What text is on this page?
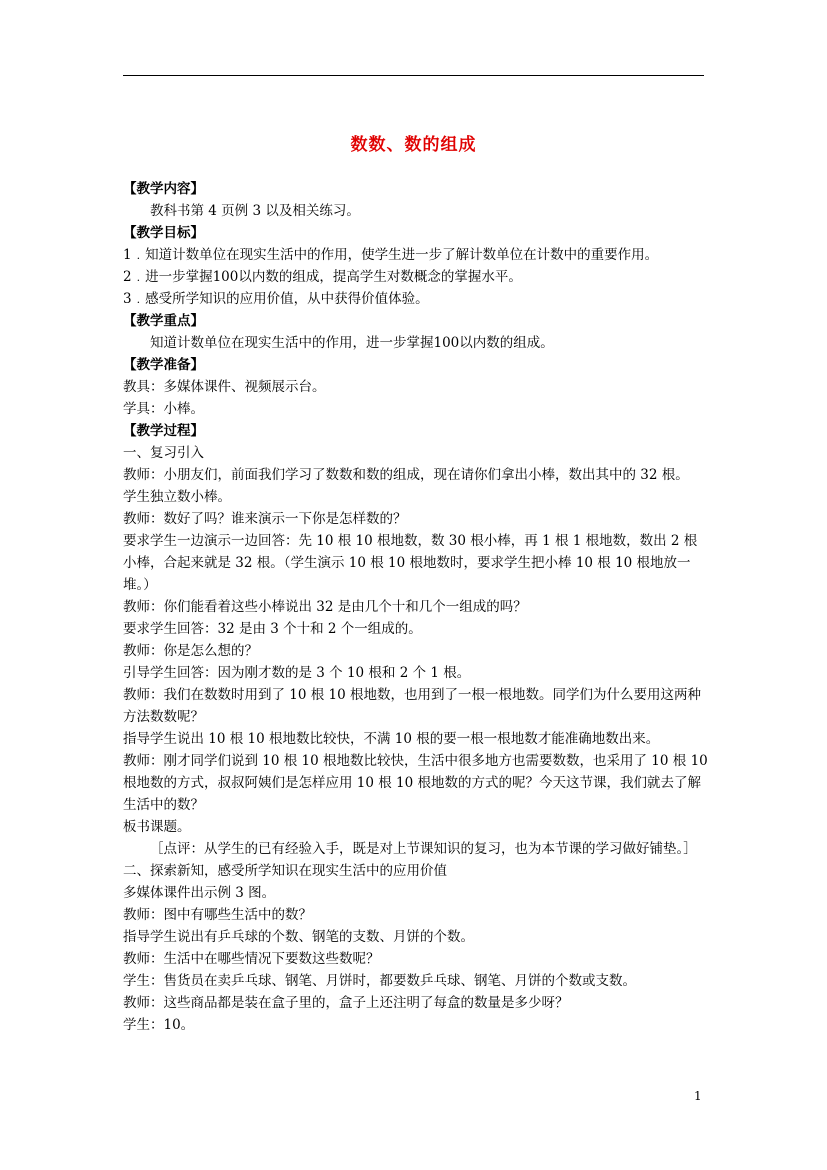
数数、数的组成
【教学内容】
教科书第 4 页例 3 以及相关练习。
【教学目标】
1﹒知道计数单位在现实生活中的作用，使学生进一步了解计数单位在计数中的重要作用。
2﹒进一步掌握100以内数的组成，提高学生对数概念的掌握水平。
3﹒感受所学知识的应用价值，从中获得价值体验。
【教学重点】
知道计数单位在现实生活中的作用，进一步掌握100以内数的组成。
【教学准备】
教具：多媒体课件、视频展示台。
学具：小棒。
【教学过程】
一、复习引入
教师：小朋友们，前面我们学习了数数和数的组成，现在请你们拿出小棒，数出其中的 32 根。
学生独立数小棒。
教师：数好了吗？谁来演示一下你是怎样数的？
要求学生一边演示一边回答：先 10 根 10 根地数，数 30 根小棒，再 1 根 1 根地数，数出 2 根小棒，合起来就是 32 根。（学生演示 10 根 10 根地数时，要求学生把小棒 10 根 10 根地放一堆。）
教师：你们能看着这些小棒说出 32 是由几个十和几个一组成的吗？
要求学生回答：32 是由 3 个十和 2 个一组成的。
教师：你是怎么想的？
引导学生回答：因为刚才数的是 3 个 10 根和 2 个 1 根。
教师：我们在数数时用到了 10 根 10 根地数，也用到了一根一根地数。同学们为什么要用这两种方法数数呢？
指导学生说出 10 根 10 根地数比较快，不满 10 根的要一根一根地数才能准确地数出来。
教师：刚才同学们说到 10 根 10 根地数比较快，生活中很多地方也需要数数，也采用了 10 根 10 根地数的方式，叔叔阿姨们是怎样应用 10 根 10 根地数的方式的呢？今天这节课，我们就去了解生活中的数？
板书课题。
［点评：从学生的已有经验入手，既是对上节课知识的复习，也为本节课的学习做好铺垫。］
二、探索新知，感受所学知识在现实生活中的应用价值
多媒体课件出示例 3 图。
教师：图中有哪些生活中的数？
指导学生说出有乒乓球的个数、钢笔的支数、月饼的个数。
教师：生活中在哪些情况下要数这些数呢？
学生：售货员在卖乒乓球、钢笔、月饼时，都要数乒乓球、钢笔、月饼的个数或支数。
教师：这些商品都是装在盒子里的，盒子上还注明了每盒的数量是多少呀？
学生：10。
1
